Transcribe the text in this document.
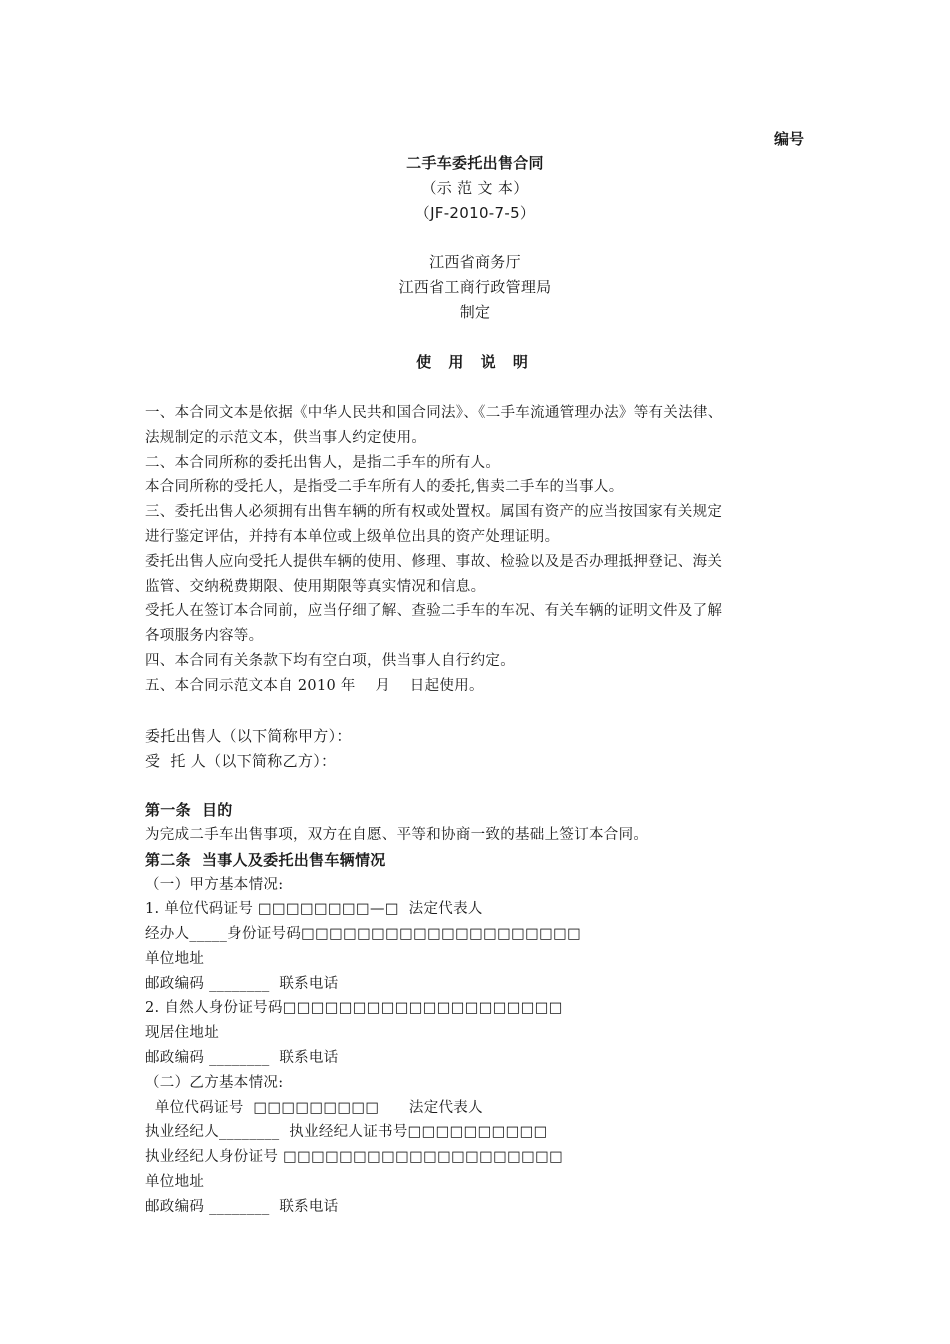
编号
二手车委托出售合同
（示 范 文 本）
（JF-2010-7-5）
江西省商务厅
江西省工商行政管理局
制定
使 用 说 明
一、本合同文本是依据《中华人民共和国合同法》、《二手车流通管理办法》等有关法律、
法规制定的示范文本，供当事人约定使用。
二、本合同所称的委托出售人，是指二手车的所有人。
本合同所称的受托人，是指受二手车所有人的委托,售卖二手车的当事人。
三、委托出售人必须拥有出售车辆的所有权或处置权。属国有资产的应当按国家有关规定
进行鉴定评估，并持有本单位或上级单位出具的资产处理证明。
委托出售人应向受托人提供车辆的使用、修理、事故、检验以及是否办理抵押登记、海关
监管、交纳税费期限、使用期限等真实情况和信息。
受托人在签订本合同前，应当仔细了解、查验二手车的车况、有关车辆的证明文件及了解
各项服务内容等。
四、本合同有关条款下均有空白项，供当事人自行约定。
五、本合同示范文本自 2010 年    月    日起使用。
委托出售人（以下简称甲方）：
受  托 人（以下简称乙方）：
第一条  目的
为完成二手车出售事项，双方在自愿、平等和协商一致的基础上签订本合同。
第二条  当事人及委托出售车辆情况
（一）甲方基本情况:
1. 单位代码证号 □□□□□□□□—□  法定代表人
经办人_____身份证号码□□□□□□□□□□□□□□□□□□□□
单位地址
邮政编码 ________  联系电话
2. 自然人身份证号码□□□□□□□□□□□□□□□□□□□□
现居住地址
邮政编码 ________  联系电话
（二）乙方基本情况:
单位代码证号  □□□□□□□□□      法定代表人
执业经纪人________  执业经纪人证书号□□□□□□□□□□
执业经纪人身份证号 □□□□□□□□□□□□□□□□□□□□
单位地址
邮政编码 ________  联系电话
